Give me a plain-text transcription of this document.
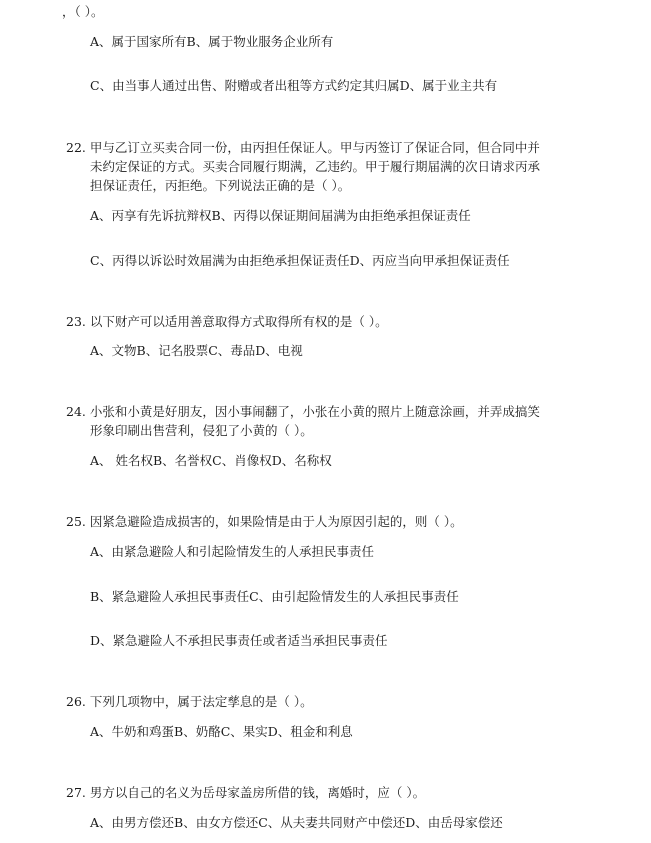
，（ ）。
A、属于国家所有B、属于物业服务企业所有
C、由当事人通过出售、附赠或者出租等方式约定其归属D、属于业主共有
22. 甲与乙订立买卖合同一份，由丙担任保证人。甲与丙签订了保证合同，但合同中并
未约定保证的方式。买卖合同履行期满，乙违约。甲于履行期届满的次日请求丙承
担保证责任，丙拒绝。下列说法正确的是（ ）。
A、丙享有先诉抗辩权B、丙得以保证期间届满为由拒绝承担保证责任
C、丙得以诉讼时效届满为由拒绝承担保证责任D、丙应当向甲承担保证责任
23. 以下财产可以适用善意取得方式取得所有权的是（ ）。
A、文物B、记名股票C、毒品D、电视
24. 小张和小黄是好朋友，因小事闹翻了，小张在小黄的照片上随意涂画，并弄成搞笑
形象印刷出售营利，侵犯了小黄的（ ）。
A、 姓名权B、名誉权C、肖像权D、名称权
25. 因紧急避险造成损害的，如果险情是由于人为原因引起的，则（ ）。
A、由紧急避险人和引起险情发生的人承担民事责任
B、紧急避险人承担民事责任C、由引起险情发生的人承担民事责任
D、紧急避险人不承担民事责任或者适当承担民事责任
26. 下列几项物中，属于法定孳息的是（ ）。
A、牛奶和鸡蛋B、奶酪C、果实D、租金和利息
27. 男方以自己的名义为岳母家盖房所借的钱，离婚时，应（ ）。
A、由男方偿还B、由女方偿还C、从夫妻共同财产中偿还D、由岳母家偿还
